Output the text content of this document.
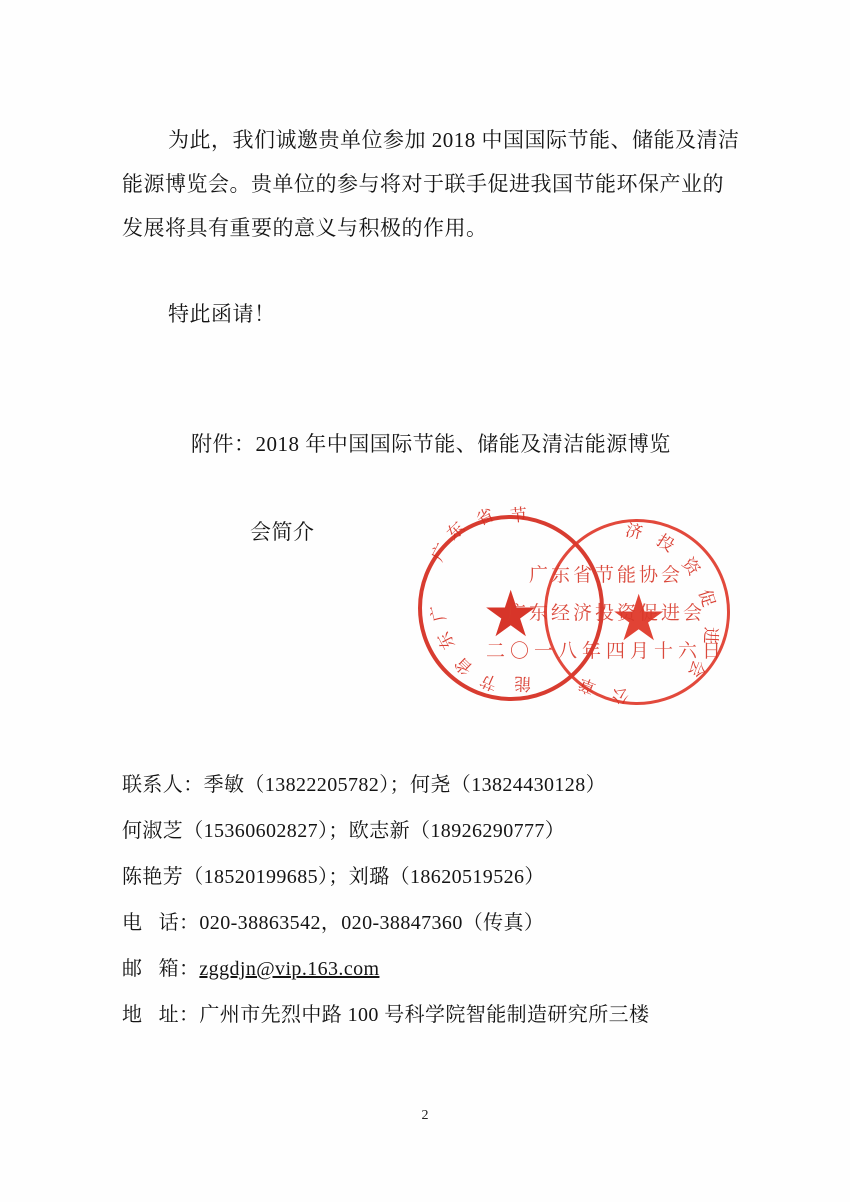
为此，我们诚邀贵单位参加 2018 中国国际节能、储能及清洁能源博览会。贵单位的参与将对于联手促进我国节能环保产业的发展将具有重要的意义与积极的作用。
特此函请！

附件：2018 年中国国际节能、储能及清洁能源博览

会简介

★ ★
广
东
省 节
广
东
省
节 能
济 投
资
促
进
会
公
章
广东省节能协会
广东经济投资促进会
二〇一八年四月十六日
联系人：季敏（13822205782）；何尧（13824430128）
何淑芝（15360602827）；欧志新（18926290777）
陈艳芳（18520199685）；刘璐（18620519526）
电   话：020-38863542，020-38847360（传真）
邮   箱：zggdjn@vip.163.com
地   址：广州市先烈中路 100 号科学院智能制造研究所三楼
2
